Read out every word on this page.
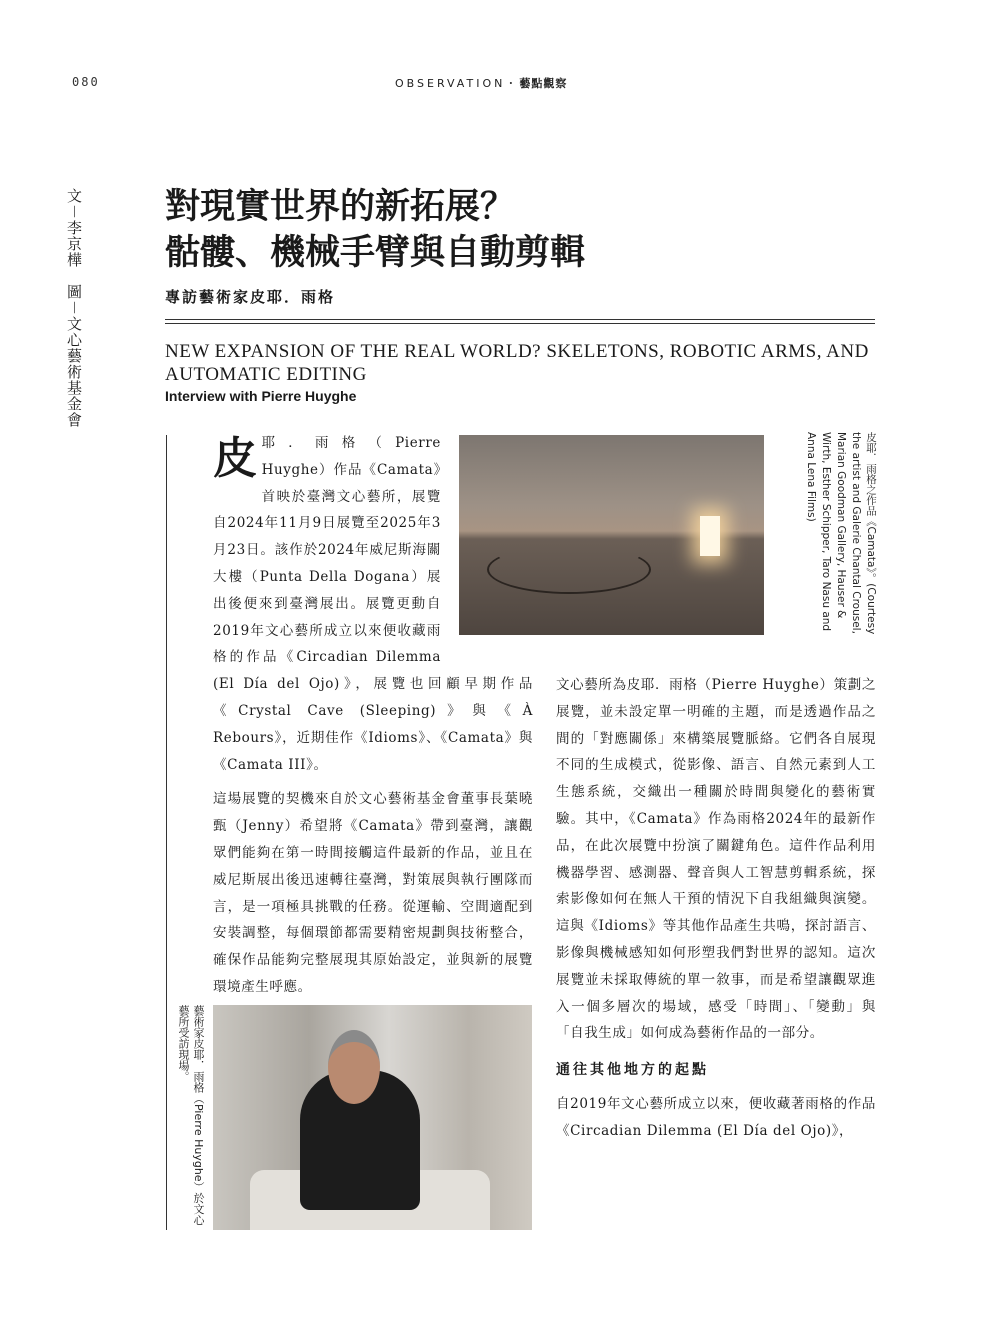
080	OBSERVATION・藝點觀察
文－李京樺　圖－文心藝術基金會 對現實世界的新拓展？
骷髏、機械手臂與自動剪輯
專訪藝術家皮耶．雨格
NEW EXPANSION OF THE REAL WORLD? SKELETONS, ROBOTIC ARMS, AND AUTOMATIC EDITING
Interview with Pierre Huyghe

皮耶．雨格（Pierre Huyghe）作品《Camata》首映於臺灣文心藝所，展覽自2024年11月9日展覽至2025年3月23日。該作於2024年威尼斯海關大樓（Punta Della Dogana）展出後便來到臺灣展出。展覽更動自2019年文心藝所成立以來便收藏雨格的作品《Circadian Dilemma (El Día del Ojo)》，展覽也回顧早期作品《Crystal Cave (Sleeping)》與《À Rebours》，近期佳作《Idioms》、《Camata》與《Camata III》。

這場展覽的契機來自於文心藝術基金會董事長葉曉甄（Jenny）希望將《Camata》帶到臺灣，讓觀眾們能夠在第一時間接觸這件最新的作品，並且在威尼斯展出後迅速轉往臺灣，對策展與執行團隊而言，是一項極具挑戰的任務。從運輸、空間適配到安裝調整，每個環節都需要精密規劃與技術整合，確保作品能夠完整展現其原始設定，並與新的展覽環境產生呼應。

皮耶．雨格之作品《Camata》。(Courtesy the artist and Galerie Chantal Crousel, Marian Goodman Gallery, Hauser & Wirth, Esther Schipper, Taro Nasu and Anna Lena Films)

文心藝所為皮耶．雨格（Pierre Huyghe）策劃之展覽，並未設定單一明確的主題，而是透過作品之間的「對應關係」來構築展覽脈絡。它們各自展現不同的生成模式，從影像、語言、自然元素到人工生態系統，交織出一種關於時間與變化的藝術實驗。其中，《Camata》作為雨格2024年的最新作品，在此次展覽中扮演了關鍵角色。這件作品利用機器學習、感測器、聲音與人工智慧剪輯系統，探索影像如何在無人干預的情況下自我組織與演變。這與《Idioms》等其他作品產生共鳴，探討語言、影像與機械感知如何形塑我們對世界的認知。這次展覽並未採取傳統的單一敘事，而是希望讓觀眾進入一個多層次的場域，感受「時間」、「變動」與「自我生成」如何成為藝術作品的一部分。

通往其他地方的起點

自2019年文心藝所成立以來，便收藏著雨格的作品《Circadian Dilemma (El Día del Ojo)》，

藝術家皮耶．雨格（Pierre Huyghe）於文心藝所受訪現場。
